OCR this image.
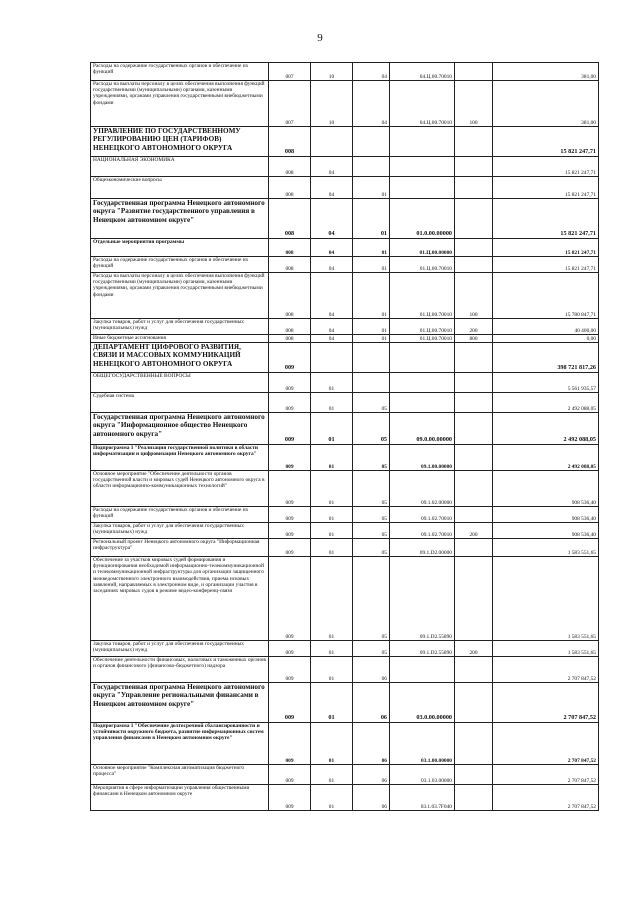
9
Расходы на содержание государственных органов и обеспечение их функций	007	10	04	04.Ц.00.70010		381,00
Расходы на выплаты персоналу в целях обеспечения выполнения функций государственными (муниципальными) органами, казенными учреждениями, органами управления государственными внебюджетными фондами	007	10	04	04.Ц.00.70010	100	381,00
УПРАВЛЕНИЕ ПО ГОСУДАРСТВЕННОМУ РЕГУЛИРОВАНИЮ ЦЕН (ТАРИФОВ) НЕНЕЦКОГО АВТОНОМНОГО ОКРУГА	008					15 821 247,71
НАЦИОНАЛЬНАЯ ЭКОНОМИКА	008	04				15 821 247,71
Общеэкономические вопросы	008	04	01			15 821 247,71
Государственная программа Ненецкого автономного округа "Развитие государственного управления в Ненецком автономном округе"	008	04	01	01.0.00.00000		15 821 247,71
Отдельные мероприятия программы	008	04	01	01.Ц.00.00000		15 821 247,71
Расходы на содержание государственных органов и обеспечение их функций	008	04	01	01.Ц.00.70010		15 821 247,71
Расходы на выплаты персоналу в целях обеспечения выполнения функций государственными (муниципальными) органами, казенными учреждениями, органами управления государственными внебюджетными фондами	008	04	01	01.Ц.00.70010	100	15 780 847,71
Закупка товаров, работ и услуг для обеспечения государственных (муниципальных) нужд	008	04	01	01.Ц.00.70010	200	40 400,00
Иные бюджетные ассигнования	008	04	01	01.Ц.00.70010	800	0,00
ДЕПАРТАМЕНТ ЦИФРОВОГО РАЗВИТИЯ, СВЯЗИ И МАССОВЫХ КОММУНИКАЦИЙ НЕНЕЦКОГО АВТОНОМНОГО ОКРУГА	009					398 721 817,26
ОБЩЕГОСУДАРСТВЕННЫЕ ВОПРОСЫ	009	01				5 561 935,57
Судебная система	009	01	05			2 492 088,05
Государственная программа Ненецкого автономного округа "Информационное общество Ненецкого автономного округа"	009	01	05	09.0.00.00000		2 492 088,05
Подпрограмма 1 "Реализация государственной политики в области информатизации и цифровизации Ненецкого автономного округа"	009	01	05	09.1.00.00000		2 492 088,05
Основное мероприятие "Обеспечение деятельности органов государственной власти и мировых судей Ненецкого автономного округа в области информационно-коммуникационных технологий"	009	01	05	09.1.02.00000		908 536,40
Расходы на содержание государственных органов и обеспечение их функций	009	01	05	09.1.02.70010		908 536,40
Закупка товаров, работ и услуг для обеспечения государственных (муниципальных) нужд	009	01	05	09.1.02.70010	200	908 536,40
Региональный проект Ненецкого автономного округа "Информационная инфраструктура"	009	01	05	09.1.D2.00000		1 583 551,65
Обеспечение за участков мировых судей формирования и функционирования необходимой информационно-телекоммуникационной и телекоммуникационной инфраструктуры для организации защищенного межведомственного электронного взаимодействия, приема исковых заявлений, направляемых в электронном виде, и организации участия в заседаниях мировых судов в режиме видео-конференц-связи	009	01	05	09.1.D2.55890		1 583 551,65
Закупка товаров, работ и услуг для обеспечения государственных (муниципальных) нужд	009	01	05	09.1.D2.55890	200	1 583 551,65
Обеспечение деятельности финансовых, налоговых и таможенных органов и органов финансового (финансово-бюджетного) надзора	009	01	06			2 707 847,52
Государственная программа Ненецкого автономного округа "Управление региональными финансами в Ненецком автономном округе"	009	01	06	03.0.00.00000		2 707 847,52
Подпрограмма 1 "Обеспечение долгосрочной сбалансированности и устойчивости окружного бюджета, развитие информационных систем управления финансами в Ненецком автономном округе"	009	01	06	03.1.00.00000		2 707 847,52
Основное мероприятие "Комплексная автоматизация бюджетного процесса"	009	01	06	03.1.03.00000		2 707 847,52
Мероприятия в сфере информатизации управления общественными финансами в Ненецком автономном округе	009	01	06	03.1.03.7F040		2 707 847,52
